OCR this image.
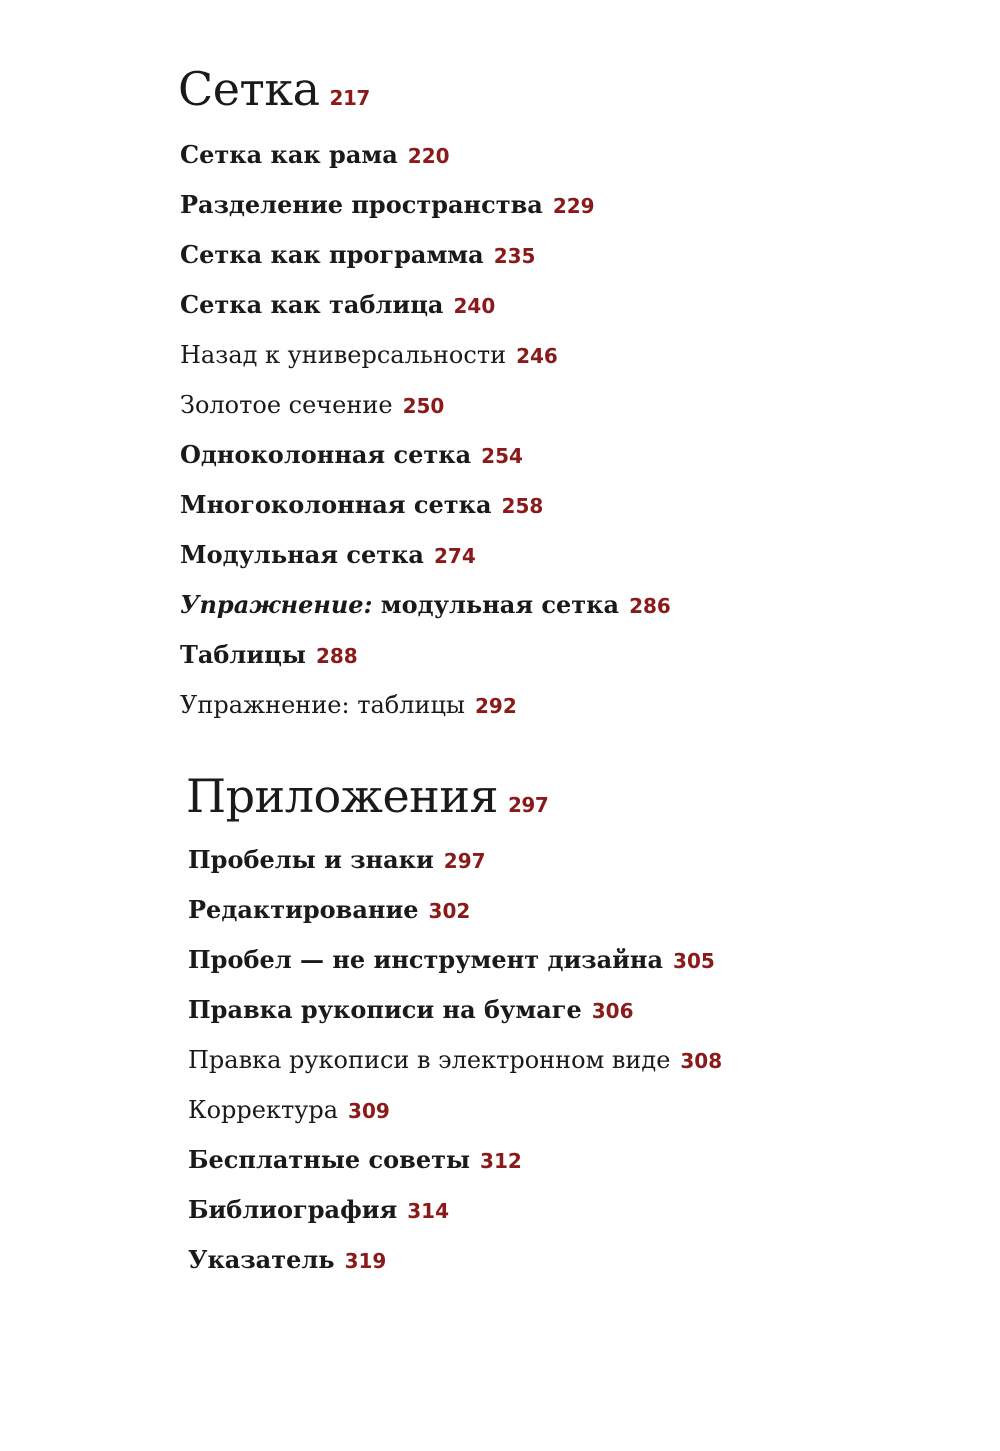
Сетка 217
Сетка как рама 220
Разделение пространства 229
Сетка как программа 235
Сетка как таблица 240
Назад к универсальности 246
Золотое сечение 250
Одноколонная сетка 254
Многоколонная сетка 258
Модульная сетка 274
Упражнение: модульная сетка 286
Таблицы 288
Упражнение: таблицы 292
Приложения 297
Пробелы и знаки 297
Редактирование 302
Пробел — не инструмент дизайна 305
Правка рукописи на бумаге 306
Правка рукописи в электронном виде 308
Корректура 309
Бесплатные советы 312
Библиография 314
Указатель 319
